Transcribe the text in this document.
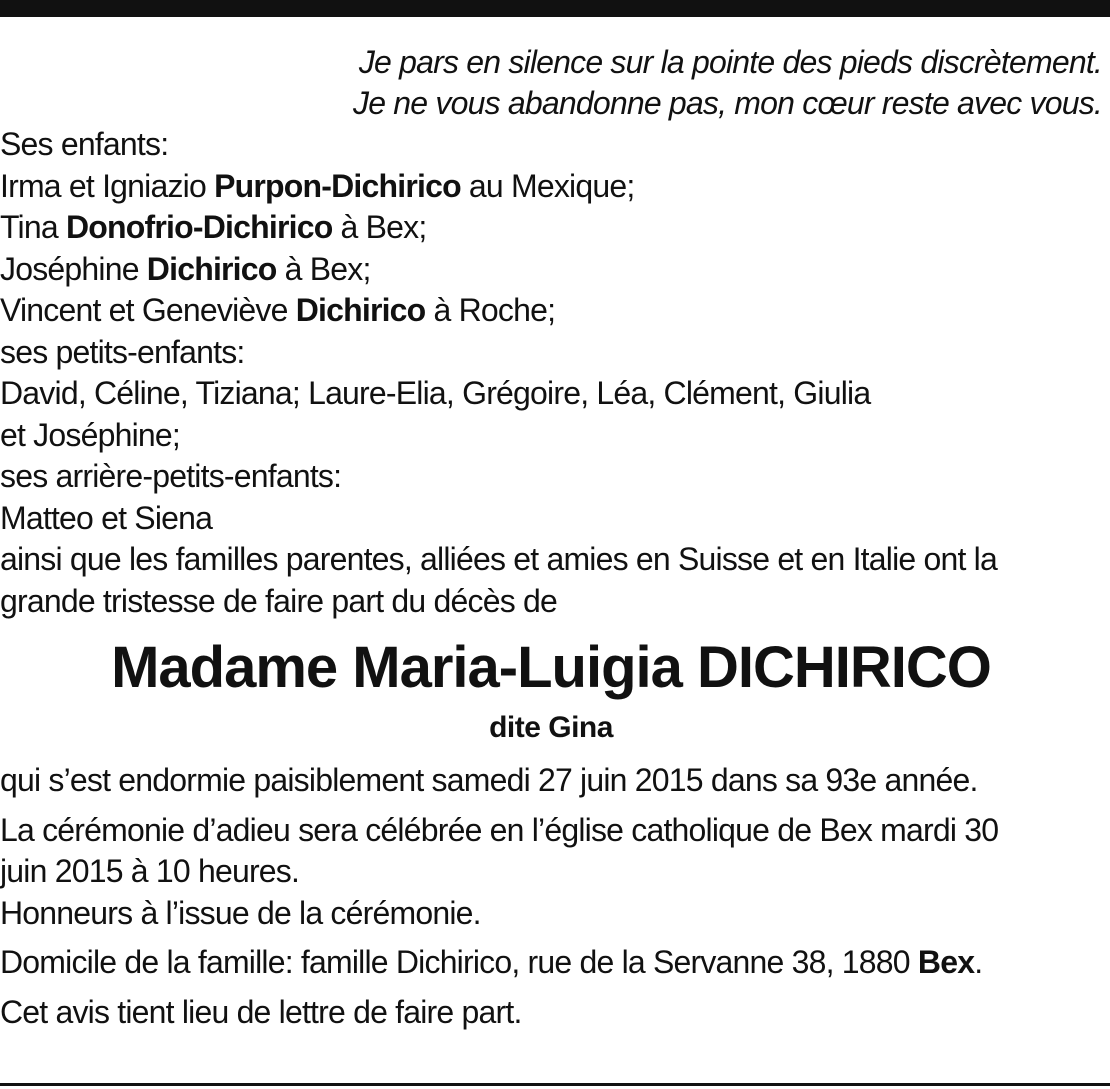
Je pars en silence sur la pointe des pieds discrètement.

Je ne vous abandonne pas, mon cœur reste avec vous.

Ses enfants:

Irma et Igniazio Purpon-Dichirico au Mexique;

Tina Donofrio-Dichirico à Bex;

Joséphine Dichirico à Bex;

Vincent et Geneviève Dichirico à Roche;

ses petits-enfants:

David, Céline, Tiziana; Laure-Elia, Grégoire, Léa, Clément, Giulia

et Joséphine;

ses arrière-petits-enfants:

Matteo et Siena

ainsi que les familles parentes, alliées et amies en Suisse et en Italie ont la

grande tristesse de faire part du décès de

Madame Maria-Luigia DICHIRICO
dite Gina

qui s’est endormie paisiblement samedi 27 juin 2015 dans sa 93e année.

La cérémonie d’adieu sera célébrée en l’église catholique de Bex mardi 30

juin 2015 à 10 heures.

Honneurs à l’issue de la cérémonie.

Domicile de la famille: famille Dichirico, rue de la Servanne 38, 1880 Bex.

Cet avis tient lieu de lettre de faire part.
